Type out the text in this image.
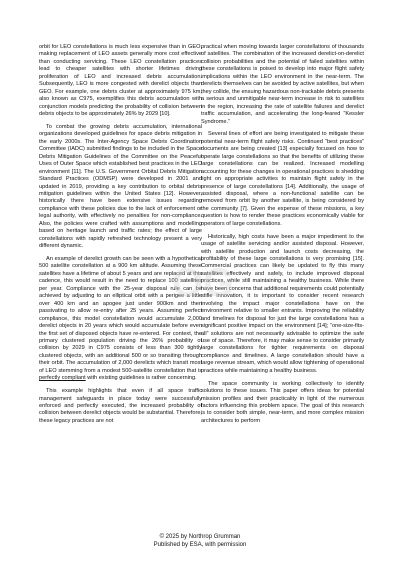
orbit for LEO constellations is much less expensive than in GEO, making replacement of LEO assets generally more cost effective than conducting servicing. These LEO constellation practices lead to cheaper satellites with shorter lifetimes driving proliferation of LEO and increased debris accumulation. Subsequently, LEO is more congested with derelict objects than GEO. For example, one debris cluster at approximately 975 km, also known as C975, exemplifies this debris accumulation with conjunction models predicting the probability of collision between debris objects to be approximately 26% by 2029 [10].

To combat the growing debris accumulation, international organizations developed guidelines for space debris mitigation in the early 2000s. The Inter-Agency Space Debris Coordination Committee (IADC) submitted findings to be included in the Space Debris Mitigation Guidelines of the Committee on the Peaceful Uses of Outer Space which established best practices in the LEO environment [11]. The U.S. Government Orbital Debris Mitigation Standard Practices (ODMSP) were developed in 2001 and updated in 2019, providing a key contribution to orbital debris mitigation guidelines within the United States [12]. However, historically there have been extensive issues regarding compliance with these policies due to the lack of enforcement or legal authority, with effectively no penalties for non-compliance. Also, the policies were crafted with assumptions and modelling based on heritage launch and traffic rates; the effect of large constellations with rapidly refreshed technology present a very different dynamic.

An example of derelict growth can be seen with a hypothetical 500 satellite constellation at a 900 km altitude. Assuming these satellites have a lifetime of about 5 years and are replaced at this cadence, this would result in the need to replace 100 satellites per year. Compliance with the 25-year disposal rule can be achieved by adjusting to an elliptical orbit with a perigee a little over 400 km and an apogee just under 900km and then passivating to allow re-entry after 25 years. Assuming perfect compliance, this model constellation would accumulate 2,000 derelict objects in 20 years which would accumulate before even the first set of disposed objects have re-entered. For context, the primary clustered population driving the 26% probability of collision by 2029 in C975 consists of less than 300 tightly clustered objects, with an additional 500 or so transiting through their orbit. The accumulation of 2,000 derelicts which transit most of LEO stemming from a modest 500-satellite constellation that is perfectly compliant with existing guidelines is rather concerning.

This example highlights that even if all space traffic management safeguards in place today were successfully enforced and perfectly executed, the increased probability of collision between derelict objects would be substantial. Therefore, these legacy practices are not

practical when moving towards larger constellations of thousands of satellites. The combination of the increased derelict-on-derelict collision probabilities and the potential of failed satellites within these constellations is poised to develop into major flight safety implications within the LEO environment in the near-term. The derelicts themselves can be avoided by active satellites, but when they collide, the ensuing hazardous non-trackable debris presents a serious and unmitigable near-term increase in risk to satellites in the region, increasing the rate of satellite failures and derelict traffic accumulation, and accelerating the long-feared “Kessler Syndrome.”

Several lines of effort are being investigated to mitigate these potential near-term flight safety risks. Continued “best practices” documents are being created [13] especially focused on how to operate large constellations so that the benefits of utilizing these large constellations can be realized. Increased modelling accounting for these changes in operational practices is shedding light on appropriate activities to maintain flight safety in the presence of large constellations [14]. Additionally, the usage of assisted disposal, where a non-functional satellite can be removed from orbit by another satellite, is being considered by the community [7]. Given the expense of these missions, a key question is how to render these practices economically viable for operators of large constellations.

Historically, high costs have been a major impediment to the usage of satellite servicing and/or assisted disposal. However, with satellite production and launch costs decreasing, the profitability of these large constellations is very promising [15]. Commercial practices can likely be updated to fly this many satellites effectively and safely, to include improved disposal practices, while still maintaining a healthy business. While there have been concerns that additional requirements could potentially stifle innovation, it is important to consider recent research involving the impact major constellations have on the environment relative to smaller entrants. Improving the reliability and timelines for disposal for just the large constellations has a significant positive impact on the environment [14]; “one-size-fits-all” solutions are not necessarily advisable to optimize the safe use of space. Therefore, it may make sense to consider primarily large constellations for tighter requirements on disposal compliance and timelines. A large constellation should have a large revenue stream, which would allow tightening of operational practices while maintaining a healthy business.

The space community is working collectively to identify solutions to these issues. This paper offers ideas for potential mission profiles and their practicality in light of the numerous factors influencing this problem space. The goal of this research is to consider both simple, near-term, and more complex mission architectures to perform

OG
© 2025 by Northrop Grumman
Published by ESA, with permission
